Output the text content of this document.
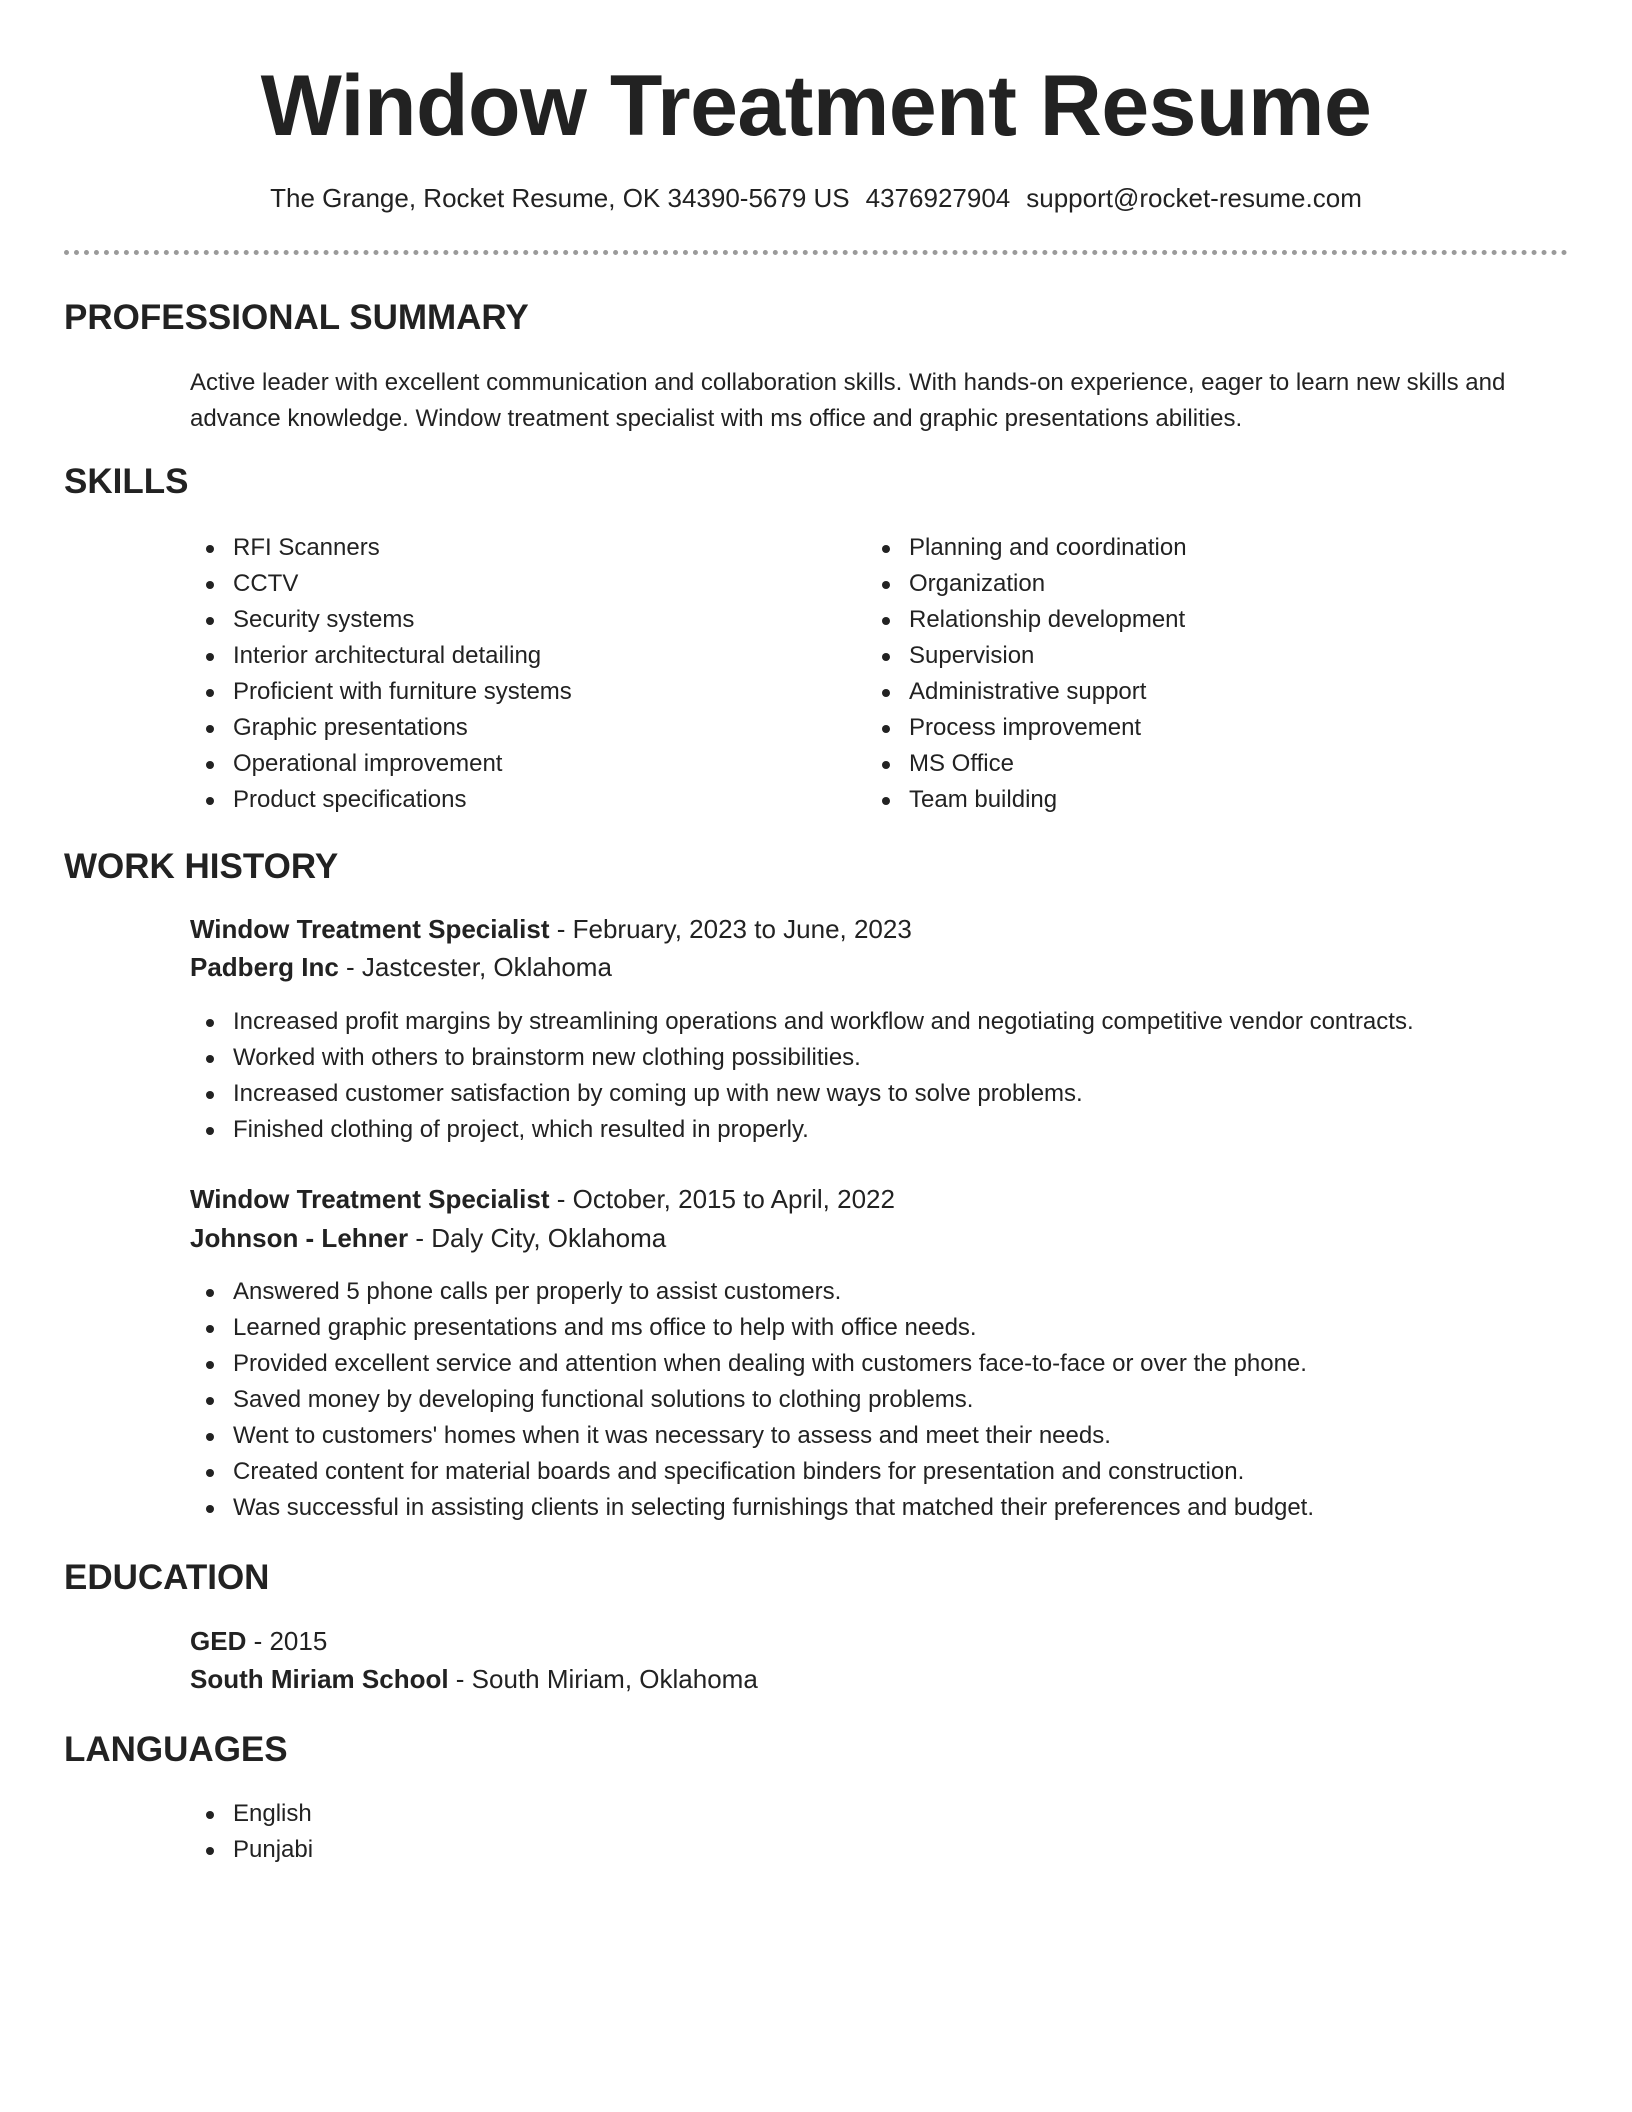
Window Treatment Resume
The Grange, Rocket Resume, OK 34390-5679 US 4376927904 support@rocket-resume.com
PROFESSIONAL SUMMARY
Active leader with excellent communication and collaboration skills. With hands-on experience, eager to learn new skills and advance knowledge. Window treatment specialist with ms office and graphic presentations abilities.
SKILLS
RFI Scanners
CCTV
Security systems
Interior architectural detailing
Proficient with furniture systems
Graphic presentations
Operational improvement
Product specifications
Planning and coordination
Organization
Relationship development
Supervision
Administrative support
Process improvement
MS Office
Team building
WORK HISTORY
Window Treatment Specialist - February, 2023 to June, 2023
Padberg Inc - Jastcester, Oklahoma
Increased profit margins by streamlining operations and workflow and negotiating competitive vendor contracts.
Worked with others to brainstorm new clothing possibilities.
Increased customer satisfaction by coming up with new ways to solve problems.
Finished clothing of project, which resulted in properly.
Window Treatment Specialist - October, 2015 to April, 2022
Johnson - Lehner - Daly City, Oklahoma
Answered 5 phone calls per properly to assist customers.
Learned graphic presentations and ms office to help with office needs.
Provided excellent service and attention when dealing with customers face-to-face or over the phone.
Saved money by developing functional solutions to clothing problems.
Went to customers' homes when it was necessary to assess and meet their needs.
Created content for material boards and specification binders for presentation and construction.
Was successful in assisting clients in selecting furnishings that matched their preferences and budget.
EDUCATION
GED - 2015
South Miriam School - South Miriam, Oklahoma
LANGUAGES
English
Punjabi
